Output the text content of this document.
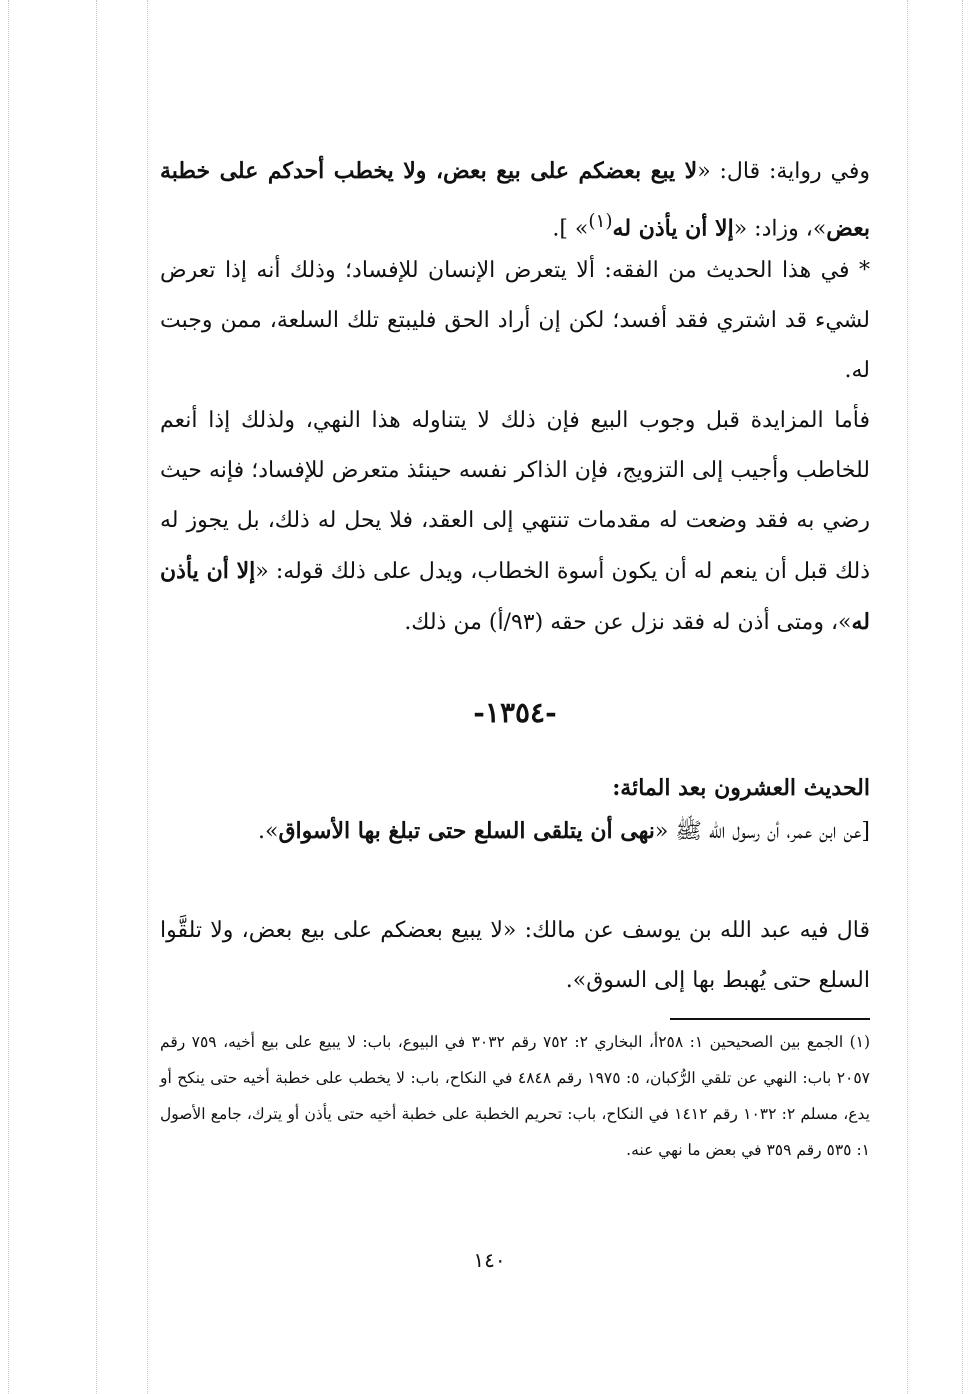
وفي رواية: قال: «لا يبع بعضكم على بيع بعض، ولا يخطب أحدكم على خطبة بعض»، وزاد: «إلا أن يأذن له$^{(١)}$» ].
* في هذا الحديث من الفقه: ألا يتعرض الإنسان للإفساد؛ وذلك أنه إذا تعرض لشيء قد اشتري فقد أفسد؛ لكن إن أراد الحق فليبتع تلك السلعة، ممن وجبت له.
فأما المزايدة قبل وجوب البيع فإن ذلك لا يتناوله هذا النهي، ولذلك إذا أنعم للخاطب وأجيب إلى التزويج، فإن الذاكر نفسه حينئذ متعرض للإفساد؛ فإنه حيث رضي به فقد وضعت له مقدمات تنتهي إلى العقد، فلا يحل له ذلك، بل يجوز له ذلك قبل أن ينعم له أن يكون أسوة الخطاب، ويدل على ذلك قوله: «إلا أن يأذن له»، ومتى أذن له فقد نزل عن حقه (٩٣/أ) من ذلك.
-١٣٥٤-
الحديث العشرون بعد المائة:
[عن ابن عمر، أن رسول الله ﷺ «نهى أن يتلقى السلع حتى تبلغ بها الأسواق».
قال فيه عبد الله بن يوسف عن مالك: «لا يبيع بعضكم على بيع بعض، ولا تلقَّوا السلع حتى يُهبط بها إلى السوق».
(١) الجمع بين الصحيحين ١: ٢٥٨أ، البخاري ٢: ٧٥٢ رقم ٣٠٣٢ في البيوع، باب: لا يبيع على بيع أخيه، ٧٥٩ رقم ٢٠٥٧ باب: النهي عن تلقي الرُّكبان، ٥: ١٩٧٥ رقم ٤٨٤٨ في النكاح، باب: لا يخطب على خطبة أخيه حتى ينكح أو يدع، مسلم ٢: ١٠٣٢ رقم ١٤١٢ في النكاح، باب: تحريم الخطبة على خطبة أخيه حتى يأذن أو يترك، جامع الأصول ١: ٥٣٥ رقم ٣٥٩ في بعض ما نهي عنه.
١٤٠
